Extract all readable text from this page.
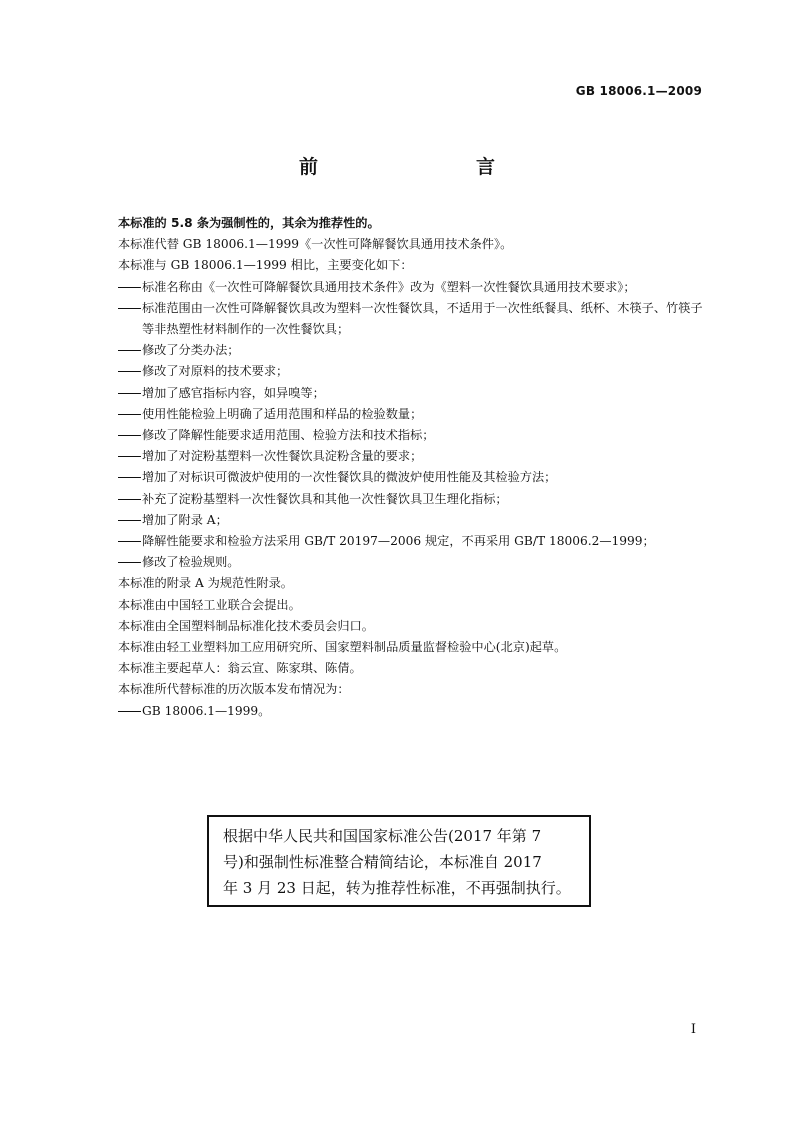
GB 18006.1—2009
前　　言
本标准的 5.8 条为强制性的，其余为推荐性的。
本标准代替 GB 18006.1—1999《一次性可降解餐饮具通用技术条件》。
本标准与 GB 18006.1—1999 相比，主要变化如下：
标准名称由《一次性可降解餐饮具通用技术条件》改为《塑料一次性餐饮具通用技术要求》；
标准范围由一次性可降解餐饮具改为塑料一次性餐饮具，不适用于一次性纸餐具、纸杯、木筷子、竹筷子等非热塑性材料制作的一次性餐饮具；
修改了分类办法；
修改了对原料的技术要求；
增加了感官指标内容，如异嗅等；
使用性能检验上明确了适用范围和样品的检验数量；
修改了降解性能要求适用范围、检验方法和技术指标；
增加了对淀粉基塑料一次性餐饮具淀粉含量的要求；
增加了对标识可微波炉使用的一次性餐饮具的微波炉使用性能及其检验方法；
补充了淀粉基塑料一次性餐饮具和其他一次性餐饮具卫生理化指标；
增加了附录 A；
降解性能要求和检验方法采用 GB/T 20197—2006 规定，不再采用 GB/T 18006.2—1999；
修改了检验规则。
本标准的附录 A 为规范性附录。
本标准由中国轻工业联合会提出。
本标准由全国塑料制品标准化技术委员会归口。
本标准由轻工业塑料加工应用研究所、国家塑料制品质量监督检验中心(北京)起草。
本标准主要起草人：翁云宣、陈家琪、陈倩。
本标准所代替标准的历次版本发布情况为：
GB 18006.1—1999。

根据中华人民共和国国家标准公告(2017 年第 7

号)和强制性标准整合精简结论，本标准自 2017

年 3 月 23 日起，转为推荐性标准，不再强制执行。

I
